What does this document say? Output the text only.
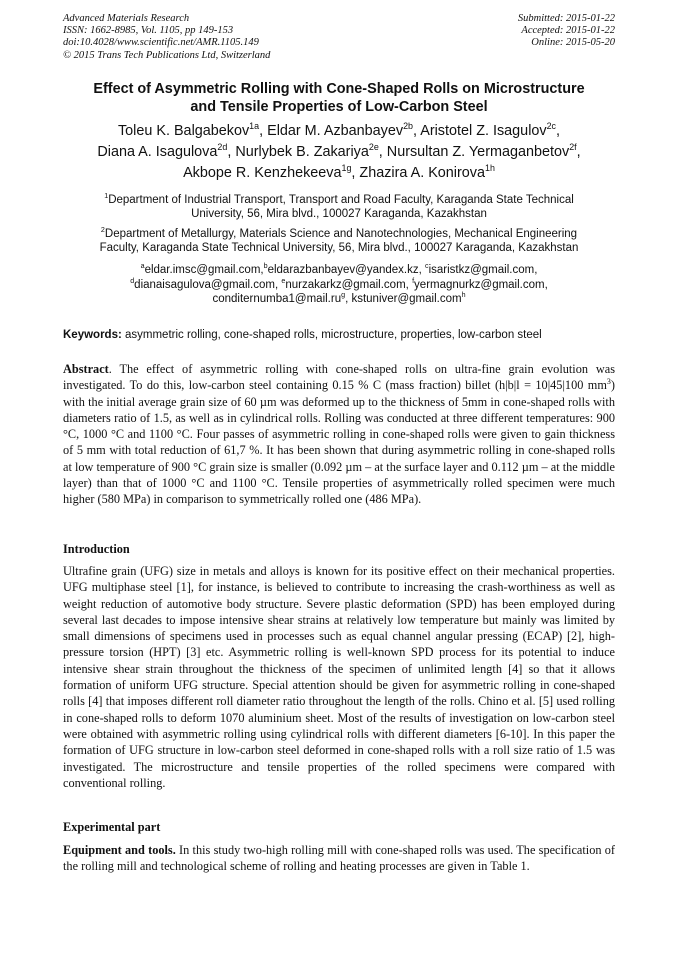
Advanced Materials Research
ISSN: 1662-8985, Vol. 1105, pp 149-153
doi:10.4028/www.scientific.net/AMR.1105.149
© 2015 Trans Tech Publications Ltd, Switzerland
Submitted: 2015-01-22
Accepted: 2015-01-22
Online: 2015-05-20
Effect of Asymmetric Rolling with Cone-Shaped Rolls on Microstructure
and Tensile Properties of Low-Carbon Steel
Toleu K. Balgabekov$^{1a}$, Eldar M. Azbanbayev$^{2b}$, Aristotel Z. Isagulov$^{2c}$,
Diana A. Isagulova$^{2d}$, Nurlybek B. Zakariya$^{2e}$, Nursultan Z. Yermaganbetov$^{2f}$,
Akbope R. Kenzhekeeva$^{1g}$, Zhazira A. Konirova$^{1h}$
$^1$Department of Industrial Transport, Transport and Road Faculty, Karaganda State Technical
University, 56, Mira blvd., 100027 Karaganda, Kazakhstan
$^2$Department of Metallurgy, Materials Science and Nanotechnologies, Mechanical Engineering
Faculty, Karaganda State Technical University, 56, Mira blvd., 100027 Karaganda, Kazakhstan
$^a$eldar.imsc@gmail.com,$^b$eldarazbanbayev@yandex.kz, $^c$isaristkz@gmail.com,
$^d$dianaisagulova@gmail.com, $^e$nurzakarkz@gmail.com, $^f$yermagnurkz@gmail.com,
$conditernumba1@mail.ru^g$, kstuniver@gmail.com$^h$
Keywords: asymmetric rolling, cone-shaped rolls, microstructure, properties, low-carbon steel
Abstract. The effect of asymmetric rolling with cone-shaped rolls on ultra-fine grain evolution was investigated. To do this, low-carbon steel containing 0.15 % C (mass fraction) billet (h|b|l = 10|45|100 $mm^3$) with the initial average grain size of 60 µm was deformed up to the thickness of 5mm in cone-shaped rolls with diameters ratio of 1.5, as well as in cylindrical rolls. Rolling was conducted at three different temperatures: 900 °C, 1000 °C and 1100 °C. Four passes of asymmetric rolling in cone-shaped rolls were given to gain thickness of 5 mm with total reduction of 61,7 %. It has been shown that during asymmetric rolling in cone-shaped rolls at low temperature of 900 °C grain size is smaller (0.092 µm – at the surface layer and 0.112 µm – at the middle layer) than that of 1000 °C and 1100 °C. Tensile properties of asymmetrically rolled specimen were much higher (580 MPa) in comparison to symmetrically rolled one (486 MPa).
Introduction
Ultrafine grain (UFG) size in metals and alloys is known for its positive effect on their mechanical properties. UFG multiphase steel [1], for instance, is believed to contribute to increasing the crash-worthiness as well as weight reduction of automotive body structure. Severe plastic deformation (SPD) has been employed during several last decades to impose intensive shear strains at relatively low temperature but mainly was limited by small dimensions of specimens used in processes such as equal channel angular pressing (ECAP) [2], high-pressure torsion (HPT) [3] etc. Asymmetric rolling is well-known SPD process for its potential to induce intensive shear strain throughout the thickness of the specimen of unlimited length [4] so that it allows formation of uniform UFG structure. Special attention should be given for asymmetric rolling in cone-shaped rolls [4] that imposes different roll diameter ratio throughout the length of the rolls. Chino et al. [5] used rolling in cone-shaped rolls to deform 1070 aluminium sheet. Most of the results of investigation on low-carbon steel were obtained with asymmetric rolling using cylindrical rolls with different diameters [6-10]. In this paper the formation of UFG structure in low-carbon steel deformed in cone-shaped rolls with a roll size ratio of 1.5 was investigated. The microstructure and tensile properties of the rolled specimens were compared with conventional rolling.
Experimental part
Equipment and tools. In this study two-high rolling mill with cone-shaped rolls was used. The specification of the rolling mill and technological scheme of rolling and heating processes are given in Table 1.
